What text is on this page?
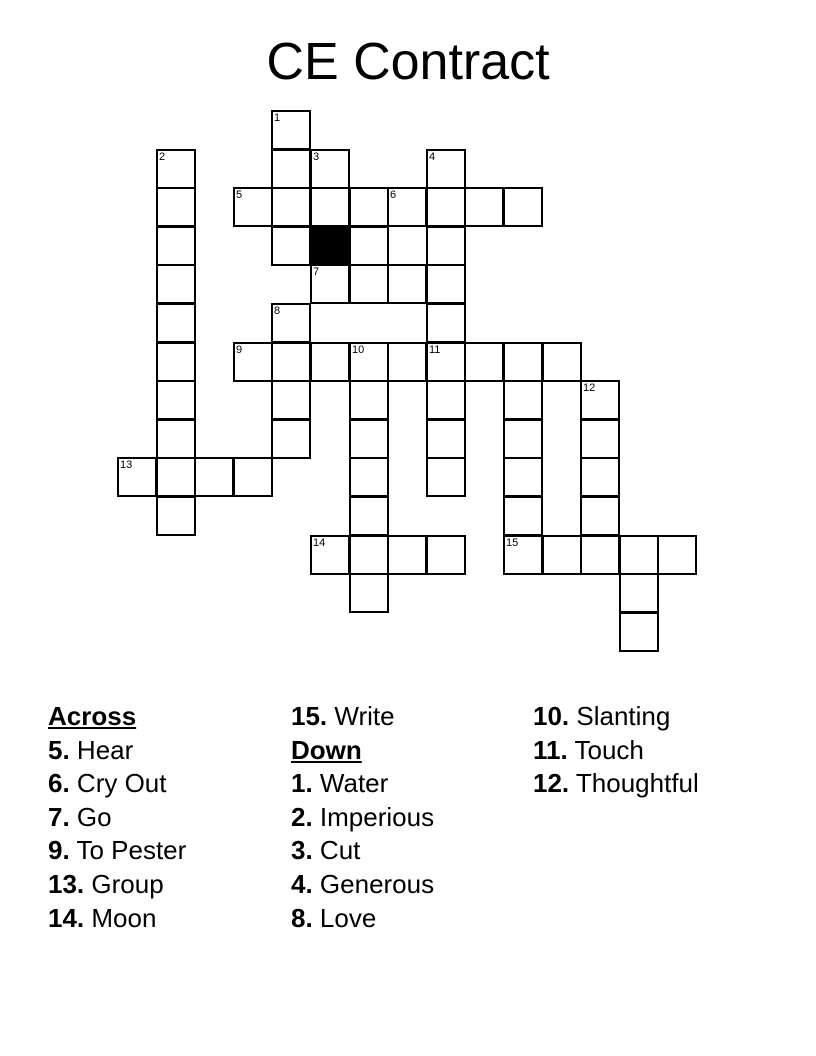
CE Contract
1
2	3	4
5	6
7
8
9	10	11
12
13
14	15
Across
5. Hear
6. Cry Out
7. Go
9. To Pester
13. Group
14. Moon
15. Write
Down
1. Water
2. Imperious
3. Cut
4. Generous
8. Love
10. Slanting
11. Touch
12. Thoughtful
